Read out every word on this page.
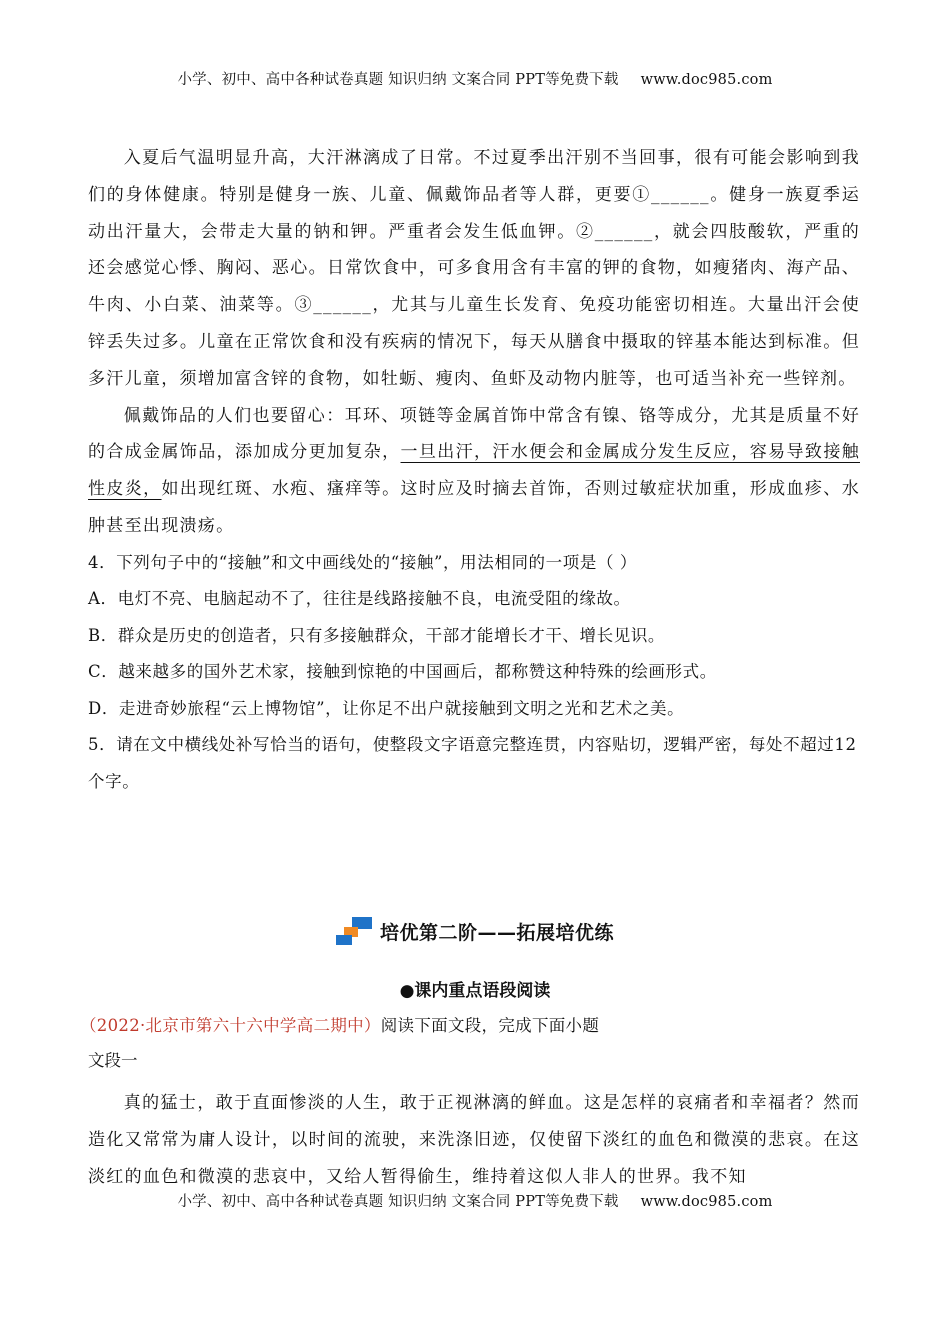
小学、初中、高中各种试卷真题 知识归纳 文案合同 PPT等免费下载 www.doc985.com

入夏后气温明显升高，大汗淋漓成了日常。不过夏季出汗别不当回事，很有可能会影响到我们的身体健康。特别是健身一族、儿童、佩戴饰品者等人群，更要①______。健身一族夏季运动出汗量大，会带走大量的钠和钾。严重者会发生低血钾。②______，就会四肢酸软，严重的还会感觉心悸、胸闷、恶心。日常饮食中，可多食用含有丰富的钾的食物，如瘦猪肉、海产品、牛肉、小白菜、油菜等。③______，尤其与儿童生长发育、免疫功能密切相连。大量出汗会使锌丢失过多。儿童在正常饮食和没有疾病的情况下，每天从膳食中摄取的锌基本能达到标准。但多汗儿童，须增加富含锌的食物，如牡蛎、瘦肉、鱼虾及动物内脏等，也可适当补充一些锌剂。

佩戴饰品的人们也要留心：耳环、项链等金属首饰中常含有镍、铬等成分，尤其是质量不好的合成金属饰品，添加成分更加复杂，一旦出汗，汗水便会和金属成分发生反应，容易导致接触性皮炎，如出现红斑、水疱、瘙痒等。这时应及时摘去首饰，否则过敏症状加重，形成血疹、水肿甚至出现溃疡。

4．下列句子中的“接触”和文中画线处的“接触”，用法相同的一项是（ ）

A．电灯不亮、电脑起动不了，往往是线路接触不良，电流受阻的缘故。

B．群众是历史的创造者，只有多接触群众，干部才能增长才干、增长见识。

C．越来越多的国外艺术家，接触到惊艳的中国画后，都称赞这种特殊的绘画形式。

D．走进奇妙旅程“云上博物馆”，让你足不出户就接触到文明之光和艺术之美。

5．请在文中横线处补写恰当的语句，使整段文字语意完整连贯，内容贴切，逻辑严密，每处不超过12个字。

培优第二阶——拓展培优练
●课内重点语段阅读
（2022·北京市第六十六中学高二期中）阅读下面文段，完成下面小题
文段一

真的猛士，敢于直面惨淡的人生，敢于正视淋漓的鲜血。这是怎样的哀痛者和幸福者？然而造化又常常为庸人设计，以时间的流驶，来洗涤旧迹，仅使留下淡红的血色和微漠的悲哀。在这淡红的血色和微漠的悲哀中，又给人暂得偷生，维持着这似人非人的世界。我不知

小学、初中、高中各种试卷真题 知识归纳 文案合同 PPT等免费下载 www.doc985.com
